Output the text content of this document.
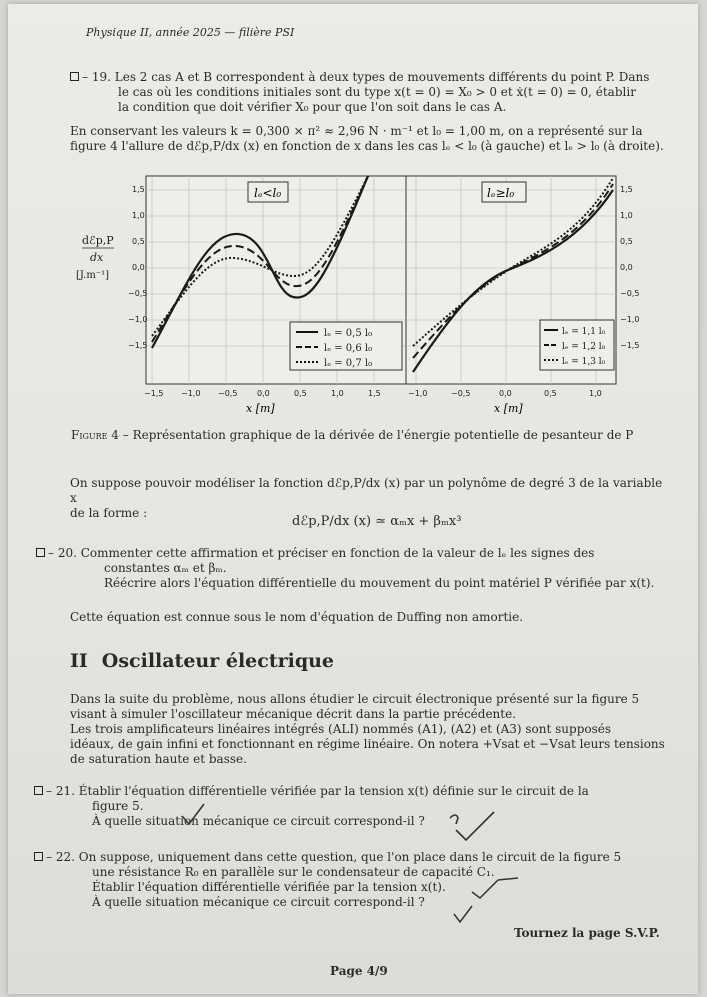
Physique II, année 2025 — filière PSI
– 19. Les 2 cas A et B correspondent à deux types de mouvements différents du point P. Dans
le cas où les conditions initiales sont du type x(t = 0) = X₀ > 0 et ẋ(t = 0) = 0, établir
la condition que doit vérifier X₀ pour que l'on soit dans le cas A.
En conservant les valeurs k = 0,300 × π² ≈ 2,96 N · m⁻¹ et l₀ = 1,00 m, on a représenté sur la
figure 4 l'allure de dℰp,P/dx (x) en fonction de x dans les cas lₑ < l₀ (à gauche) et lₑ > l₀ (à droite).
dℰp,P
dx
[J.m⁻¹]
lₑ<l₀
lₑ = 0,5 l₀
lₑ = 0,6 l₀
lₑ = 0,7 l₀
1,5
1,0
0,5
0,0
−0,5
−1,0
−1,5
−1,5 −1,0 −0,5 0,0	0,5	1,0	1,5
x [m]
lₑ≥l₀
lₑ = 1,1 l₀
lₑ = 1,2 l₀
lₑ = 1,3 l₀
1,5
1,0
0,5
0,0
−0,5
−1,0
−1,5
−1,0	−0,5	0,0	0,5	1,0
x [m]
Figure 4 – Représentation graphique de la dérivée de l'énergie potentielle de pesanteur de P
On suppose pouvoir modéliser la fonction dℰp,P/dx (x) par un polynôme de degré 3 de la variable x
de la forme :
dℰp,P/dx (x) ≃ αₘx + βₘx³
– 20. Commenter cette affirmation et préciser en fonction de la valeur de lₑ les signes des
constantes αₘ et βₘ.
Réécrire alors l'équation différentielle du mouvement du point matériel P vérifiée par x(t).
Cette équation est connue sous le nom d'équation de Duffing non amortie.
II Oscillateur électrique
Dans la suite du problème, nous allons étudier le circuit électronique présenté sur la figure 5
visant à simuler l'oscillateur mécanique décrit dans la partie précédente.
Les trois amplificateurs linéaires intégrés (ALI) nommés (A1), (A2) et (A3) sont supposés
idéaux, de gain infini et fonctionnant en régime linéaire. On notera +Vsat et −Vsat leurs tensions
de saturation haute et basse.
– 21. Établir l'équation différentielle vérifiée par la tension x(t) définie sur le circuit de la
figure 5.
À quelle situation mécanique ce circuit correspond-il ?
– 22. On suppose, uniquement dans cette question, que l'on place dans le circuit de la figure 5
une résistance R₀ en parallèle sur le condensateur de capacité C₁.
Établir l'équation différentielle vérifiée par la tension x(t).
À quelle situation mécanique ce circuit correspond-il ?
Tournez la page S.V.P.
Page 4/9
